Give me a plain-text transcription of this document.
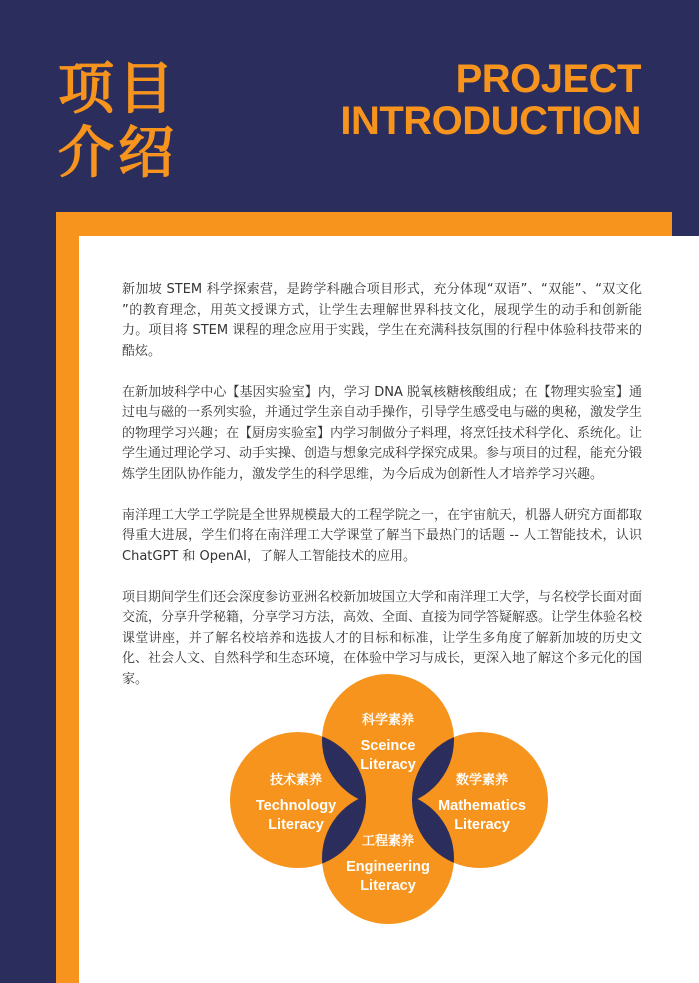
项目
介绍
PROJECT
INTRODUCTION

新加坡 STEM 科学探索营，是跨学科融合项目形式，充分体现“双语”、“双能”、“双文化 ”的教育理念，用英文授课方式，让学生去理解世界科技文化，展现学生的动手和创新能力。项目将 STEM 课程的理念应用于实践，学生在充满科技氛围的行程中体验科技带来的酷炫。

在新加坡科学中心【基因实验室】内，学习 DNA 脱氧核糖核酸组成；在【物理实验室】通过电与磁的一系列实验，并通过学生亲自动手操作，引导学生感受电与磁的奥秘，激发学生的物理学习兴趣；在【厨房实验室】内学习制做分子料理，将烹饪技术科学化、系统化。让学生通过理论学习、动手实操、创造与想象完成科学探究成果。参与项目的过程，能充分锻炼学生团队协作能力，激发学生的科学思维，为今后成为创新性人才培养学习兴趣。

南洋理工大学工学院是全世界规模最大的工程学院之一，在宇宙航天，机器人研究方面都取得重大进展，学生们将在南洋理工大学课堂了解当下最热门的话题 -- 人工智能技术，认识 ChatGPT 和 OpenAI，了解人工智能技术的应用。

项目期间学生们还会深度参访亚洲名校新加坡国立大学和南洋理工大学，与名校学长面对面交流，分享升学秘籍，分享学习方法，高效、全面、直接为同学答疑解惑。让学生体验名校课堂讲座，并了解名校培养和选拔人才的目标和标准，让学生多角度了解新加坡的历史文化、社会人文、自然科学和生态环境，在体验中学习与成长，更深入地了解这个多元化的国家。

科学素养
Sceince
Literacy
技术素养
Technology
Literacy
数学素养
Mathematics
Literacy
工程素养
Engineering
Literacy
